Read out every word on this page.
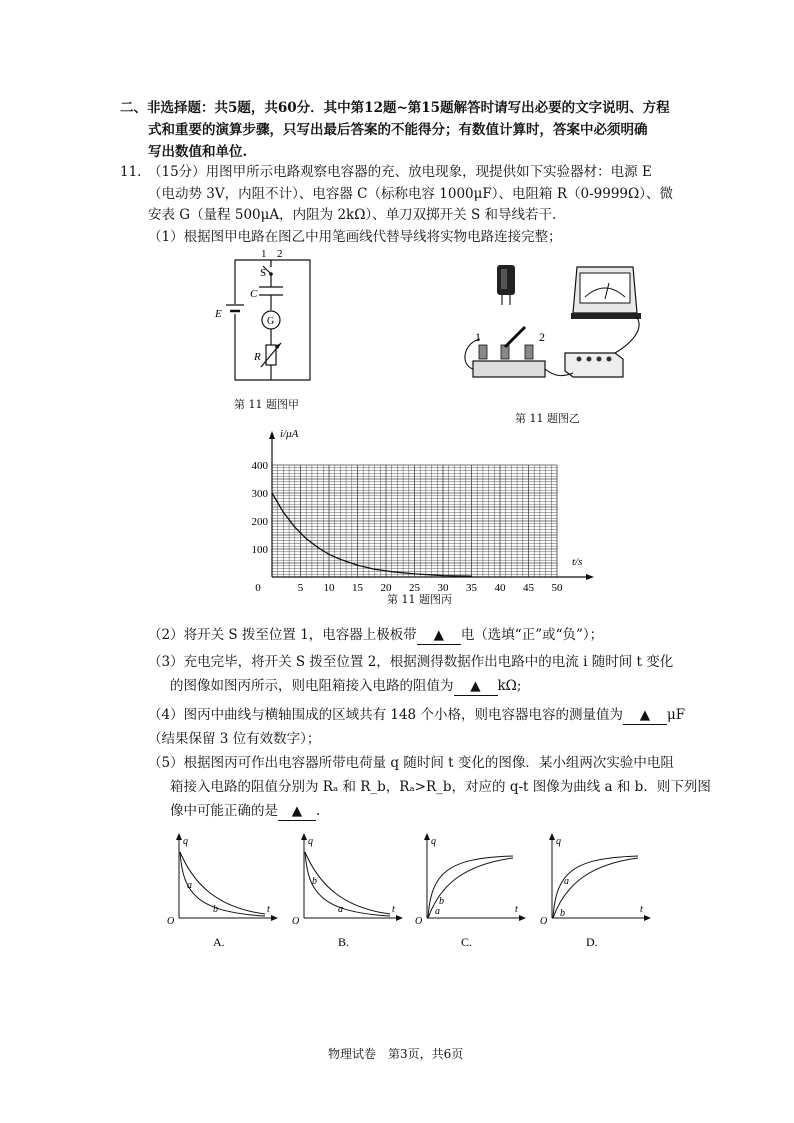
二、非选择题：共5题，共60分．其中第12题~第15题解答时请写出必要的文字说明、方程
式和重要的演算步骤，只写出最后答案的不能得分；有数值计算时，答案中必须明确
写出数值和单位.
11．
（15分）用图甲所示电路观察电容器的充、放电现象，现提供如下实验器材：电源 E
（电动势 3V，内阻不计）、电容器 C（标称电容 1000μF）、电阻箱 R（0-9999Ω）、微
安表 G（量程 500μA，内阻为 2kΩ）、单刀双掷开关 S 和导线若干.
（1）根据图甲电路在图乙中用笔画线代替导线将实物电路连接完整；
1 2
S
C
E
G
R
第 11 题图甲
1	2
第 11 题图乙
0	5 10 15 20 25 30 35 40 45 50
100
200
300
400
t/s
i/μA
第 11 题图丙
（2）将开关 S 拨至位置 1，电容器上极板带 ▲ 电（选填“正”或“负”）；
（3）充电完毕，将开关 S 拨至位置 2，根据测得数据作出电路中的电流 i 随时间 t 变化
的图像如图丙所示，则电阻箱接入电路的阻值为 ▲ kΩ;
（4）图丙中曲线与横轴围成的区域共有 148 个小格，则电容器电容的测量值为 ▲ μF
（结果保留 3 位有效数字）；
（5）根据图丙可作出电容器所带电荷量 q 随时间 t 变化的图像．某小组两次实验中电阻
箱接入电路的阻值分别为 Rₐ 和 R_b，Rₐ>R_b，对应的 q-t 图像为曲线 a 和 b．则下列图
像中可能正确的是 ▲ .
a
b
q
t
O
A.
b
a
q
t
O
B.
b
a
q
t
O
C.
a
b
q
t
O
D.
物理试卷　第3页，共6页
